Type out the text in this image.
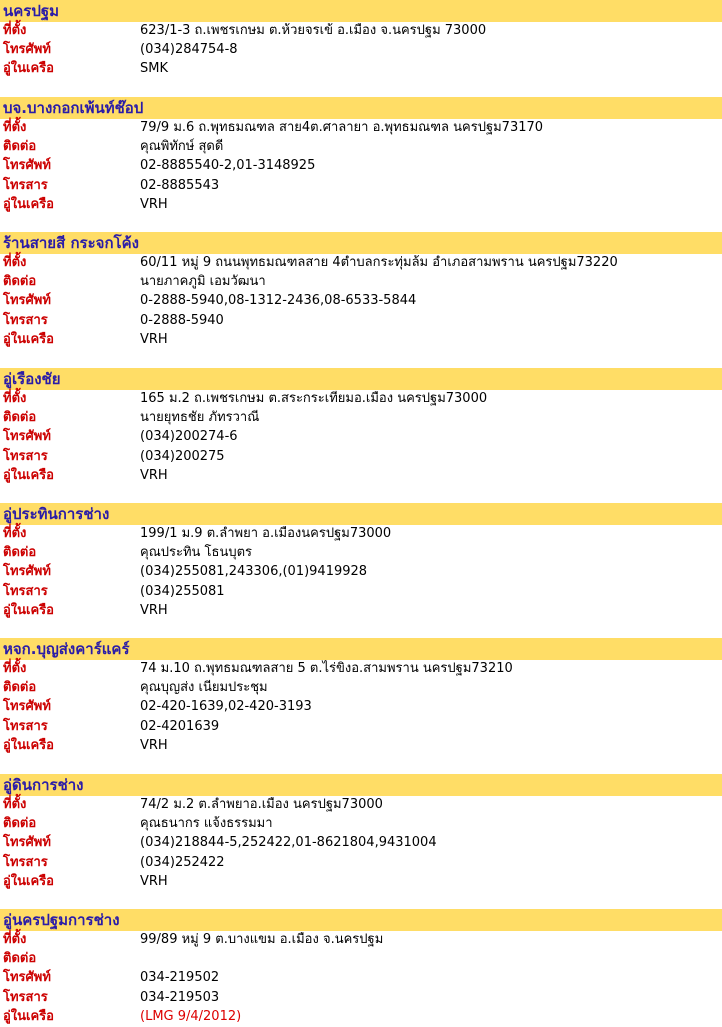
นครปฐม
ที่ตั้ง	623/1-3 ถ.เพชรเกษม ต.ห้วยจรเข้ อ.เมือง จ.นครปฐม 73000
โทรศัพท์	(034)284754-8
อู่ในเครือ	SMK
บจ.บางกอกเพ้นท์ช๊อป
ที่ตั้ง	79/9 ม.6 ถ.พุทธมณฑล สาย4ต.ศาลายา อ.พุทธมณฑล นครปฐม73170
ติดต่อ	คุณพิทักษ์ สุดดี
โทรศัพท์	02-8885540-2,01-3148925
โทรสาร	02-8885543
อู่ในเครือ	VRH
ร้านสายสี กระจกโค้ง
ที่ตั้ง	60/11 หมู่ 9 ถนนพุทธมณฑลสาย 4ตำบลกระทุ่มล้ม อำเภอสามพราน นครปฐม73220
ติดต่อ	นายภาคภูมิ เอมวัฒนา
โทรศัพท์	0-2888-5940,08-1312-2436,08-6533-5844
โทรสาร	0-2888-5940
อู่ในเครือ	VRH
อู่เรืองชัย
ที่ตั้ง	165 ม.2 ถ.เพชรเกษม ต.สระกระเทียมอ.เมือง นครปฐม73000
ติดต่อ	นายยุทธชัย ภัทรวาณี
โทรศัพท์	(034)200274-6
โทรสาร	(034)200275
อู่ในเครือ	VRH
อู่ประทินการช่าง
ที่ตั้ง	199/1 ม.9 ต.ลำพยา อ.เมืองนครปฐม73000
ติดต่อ	คุณประทิน โธนบุตร
โทรศัพท์	(034)255081,243306,(01)9419928
โทรสาร	(034)255081
อู่ในเครือ	VRH
หจก.บุญส่งคาร์แคร์
ที่ตั้ง	74 ม.10 ถ.พุทธมณฑลสาย 5 ต.ไร่ขิงอ.สามพราน นครปฐม73210
ติดต่อ	คุณบุญส่ง เนียมประชุม
โทรศัพท์	02-420-1639,02-420-3193
โทรสาร	02-4201639
อู่ในเครือ	VRH
อู่ดินการช่าง
ที่ตั้ง	74/2 ม.2 ต.ลำพยาอ.เมือง นครปฐม73000
ติดต่อ	คุณธนากร แจ้งธรรมมา
โทรศัพท์	(034)218844-5,252422,01-8621804,9431004
โทรสาร	(034)252422
อู่ในเครือ	VRH
อู่นครปฐมการช่าง
ที่ตั้ง	99/89 หมู่ 9 ต.บางแขม อ.เมือง จ.นครปฐม
ติดต่อ
โทรศัพท์	034-219502
โทรสาร	034-219503
อู่ในเครือ	(LMG 9/4/2012)
